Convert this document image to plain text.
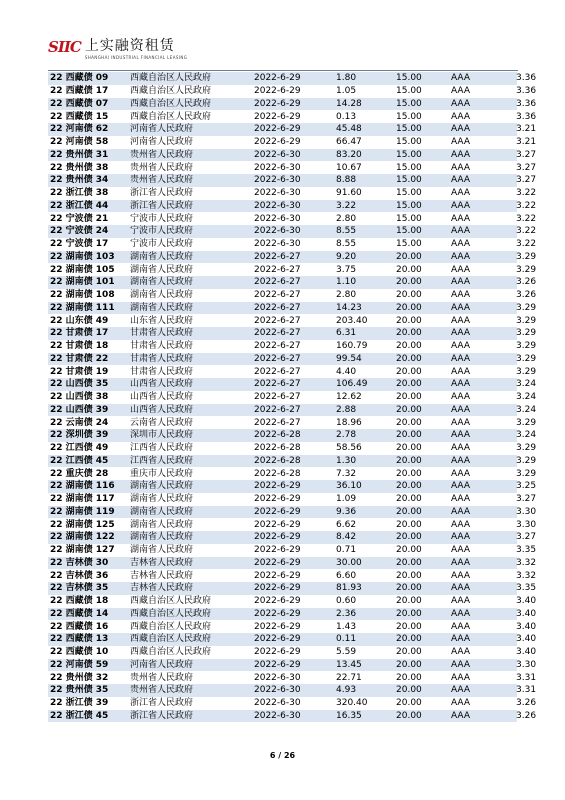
SIIC 上实融资租赁
SHANGHAI INDUSTRIAL FINANCIAL LEASING
22 西藏债 09	西藏自治区人民政府	2022-6-29	1.80	15.00	AAA	3.36
22 西藏债 17	西藏自治区人民政府	2022-6-29	1.05	15.00	AAA	3.36
22 西藏债 07	西藏自治区人民政府	2022-6-29	14.28	15.00	AAA	3.36
22 西藏债 15	西藏自治区人民政府	2022-6-29	0.13	15.00	AAA	3.36
22 河南债 62	河南省人民政府	2022-6-29	45.48	15.00	AAA	3.21
22 河南债 58	河南省人民政府	2022-6-29	66.47	15.00	AAA	3.21
22 贵州债 31	贵州省人民政府	2022-6-30	83.20	15.00	AAA	3.27
22 贵州债 38	贵州省人民政府	2022-6-30	10.67	15.00	AAA	3.27
22 贵州债 34	贵州省人民政府	2022-6-30	8.88	15.00	AAA	3.27
22 浙江债 38	浙江省人民政府	2022-6-30	91.60	15.00	AAA	3.22
22 浙江债 44	浙江省人民政府	2022-6-30	3.22	15.00	AAA	3.22
22 宁波债 21	宁波市人民政府	2022-6-30	2.80	15.00	AAA	3.22
22 宁波债 24	宁波市人民政府	2022-6-30	8.55	15.00	AAA	3.22
22 宁波债 17	宁波市人民政府	2022-6-30	8.55	15.00	AAA	3.22
22 湖南债 103	湖南省人民政府	2022-6-27	9.20	20.00	AAA	3.29
22 湖南债 105	湖南省人民政府	2022-6-27	3.75	20.00	AAA	3.29
22 湖南债 101	湖南省人民政府	2022-6-27	1.10	20.00	AAA	3.26
22 湖南债 108	湖南省人民政府	2022-6-27	2.80	20.00	AAA	3.26
22 湖南债 111	湖南省人民政府	2022-6-27	14.23	20.00	AAA	3.29
22 山东债 49	山东省人民政府	2022-6-27	203.40	20.00	AAA	3.29
22 甘肃债 17	甘肃省人民政府	2022-6-27	6.31	20.00	AAA	3.29
22 甘肃债 18	甘肃省人民政府	2022-6-27	160.79	20.00	AAA	3.29
22 甘肃债 22	甘肃省人民政府	2022-6-27	99.54	20.00	AAA	3.29
22 甘肃债 19	甘肃省人民政府	2022-6-27	4.40	20.00	AAA	3.29
22 山西债 35	山西省人民政府	2022-6-27	106.49	20.00	AAA	3.24
22 山西债 38	山西省人民政府	2022-6-27	12.62	20.00	AAA	3.24
22 山西债 39	山西省人民政府	2022-6-27	2.88	20.00	AAA	3.24
22 云南债 24	云南省人民政府	2022-6-27	18.96	20.00	AAA	3.29
22 深圳债 39	深圳市人民政府	2022-6-28	2.78	20.00	AAA	3.24
22 江西债 49	江西省人民政府	2022-6-28	58.56	20.00	AAA	3.29
22 江西债 45	江西省人民政府	2022-6-28	1.30	20.00	AAA	3.29
22 重庆债 28	重庆市人民政府	2022-6-28	7.32	20.00	AAA	3.29
22 湖南债 116	湖南省人民政府	2022-6-29	36.10	20.00	AAA	3.25
22 湖南债 117	湖南省人民政府	2022-6-29	1.09	20.00	AAA	3.27
22 湖南债 119	湖南省人民政府	2022-6-29	9.36	20.00	AAA	3.30
22 湖南债 125	湖南省人民政府	2022-6-29	6.62	20.00	AAA	3.30
22 湖南债 122	湖南省人民政府	2022-6-29	8.42	20.00	AAA	3.27
22 湖南债 127	湖南省人民政府	2022-6-29	0.71	20.00	AAA	3.35
22 吉林债 30	吉林省人民政府	2022-6-29	30.00	20.00	AAA	3.32
22 吉林债 36	吉林省人民政府	2022-6-29	6.60	20.00	AAA	3.32
22 吉林债 35	吉林省人民政府	2022-6-29	81.93	20.00	AAA	3.35
22 西藏债 18	西藏自治区人民政府	2022-6-29	0.60	20.00	AAA	3.40
22 西藏债 14	西藏自治区人民政府	2022-6-29	2.36	20.00	AAA	3.40
22 西藏债 16	西藏自治区人民政府	2022-6-29	1.43	20.00	AAA	3.40
22 西藏债 13	西藏自治区人民政府	2022-6-29	0.11	20.00	AAA	3.40
22 西藏债 10	西藏自治区人民政府	2022-6-29	5.59	20.00	AAA	3.40
22 河南债 59	河南省人民政府	2022-6-29	13.45	20.00	AAA	3.30
22 贵州债 32	贵州省人民政府	2022-6-30	22.71	20.00	AAA	3.31
22 贵州债 35	贵州省人民政府	2022-6-30	4.93	20.00	AAA	3.31
22 浙江债 39	浙江省人民政府	2022-6-30	320.40	20.00	AAA	3.26
22 浙江债 45	浙江省人民政府	2022-6-30	16.35	20.00	AAA	3.26
6 / 26
